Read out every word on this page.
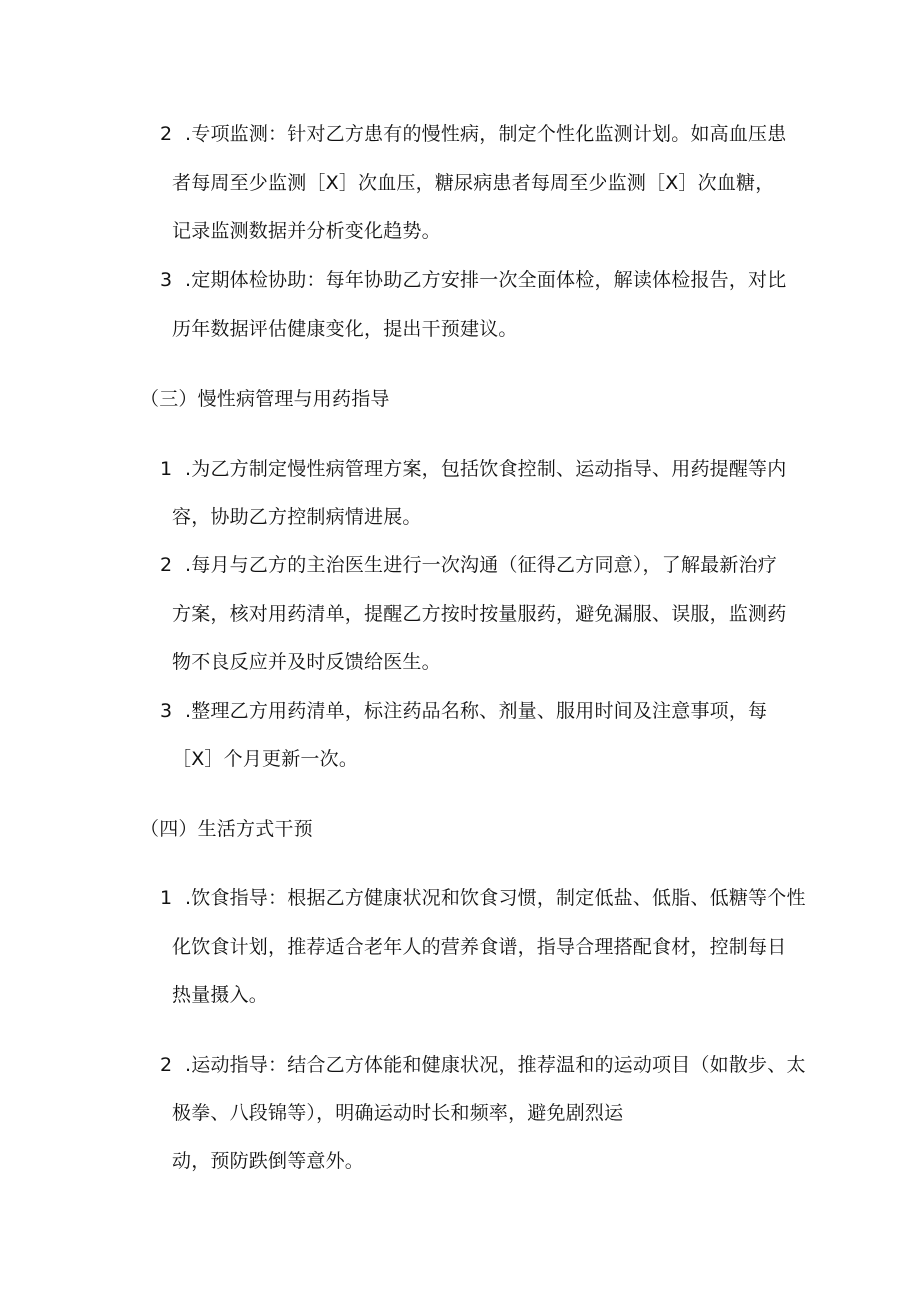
2 .专项监测：针对乙方患有的慢性病，制定个性化监测计划。如高血压患
者每周至少监测［X］次血压，糖尿病患者每周至少监测［X］次血糖，
记录监测数据并分析变化趋势。
3 .定期体检协助：每年协助乙方安排一次全面体检，解读体检报告，对比
历年数据评估健康变化，提出干预建议。
（三）慢性病管理与用药指导
1 .为乙方制定慢性病管理方案，包括饮食控制、运动指导、用药提醒等内
容，协助乙方控制病情进展。
2 .每月与乙方的主治医生进行一次沟通（征得乙方同意），了解最新治疗
方案，核对用药清单，提醒乙方按时按量服药，避免漏服、误服，监测药
物不良反应并及时反馈给医生。
3 .整理乙方用药清单，标注药品名称、剂量、服用时间及注意事项，每
［X］个月更新一次。
（四）生活方式干预
1 .饮食指导：根据乙方健康状况和饮食习惯，制定低盐、低脂、低糖等个性
化饮食计划，推荐适合老年人的营养食谱，指导合理搭配食材，控制每日
热量摄入。
2 .运动指导：结合乙方体能和健康状况，推荐温和的运动项目（如散步、太
极拳、八段锦等），明确运动时长和频率，避免剧烈运
动，预防跌倒等意外。
